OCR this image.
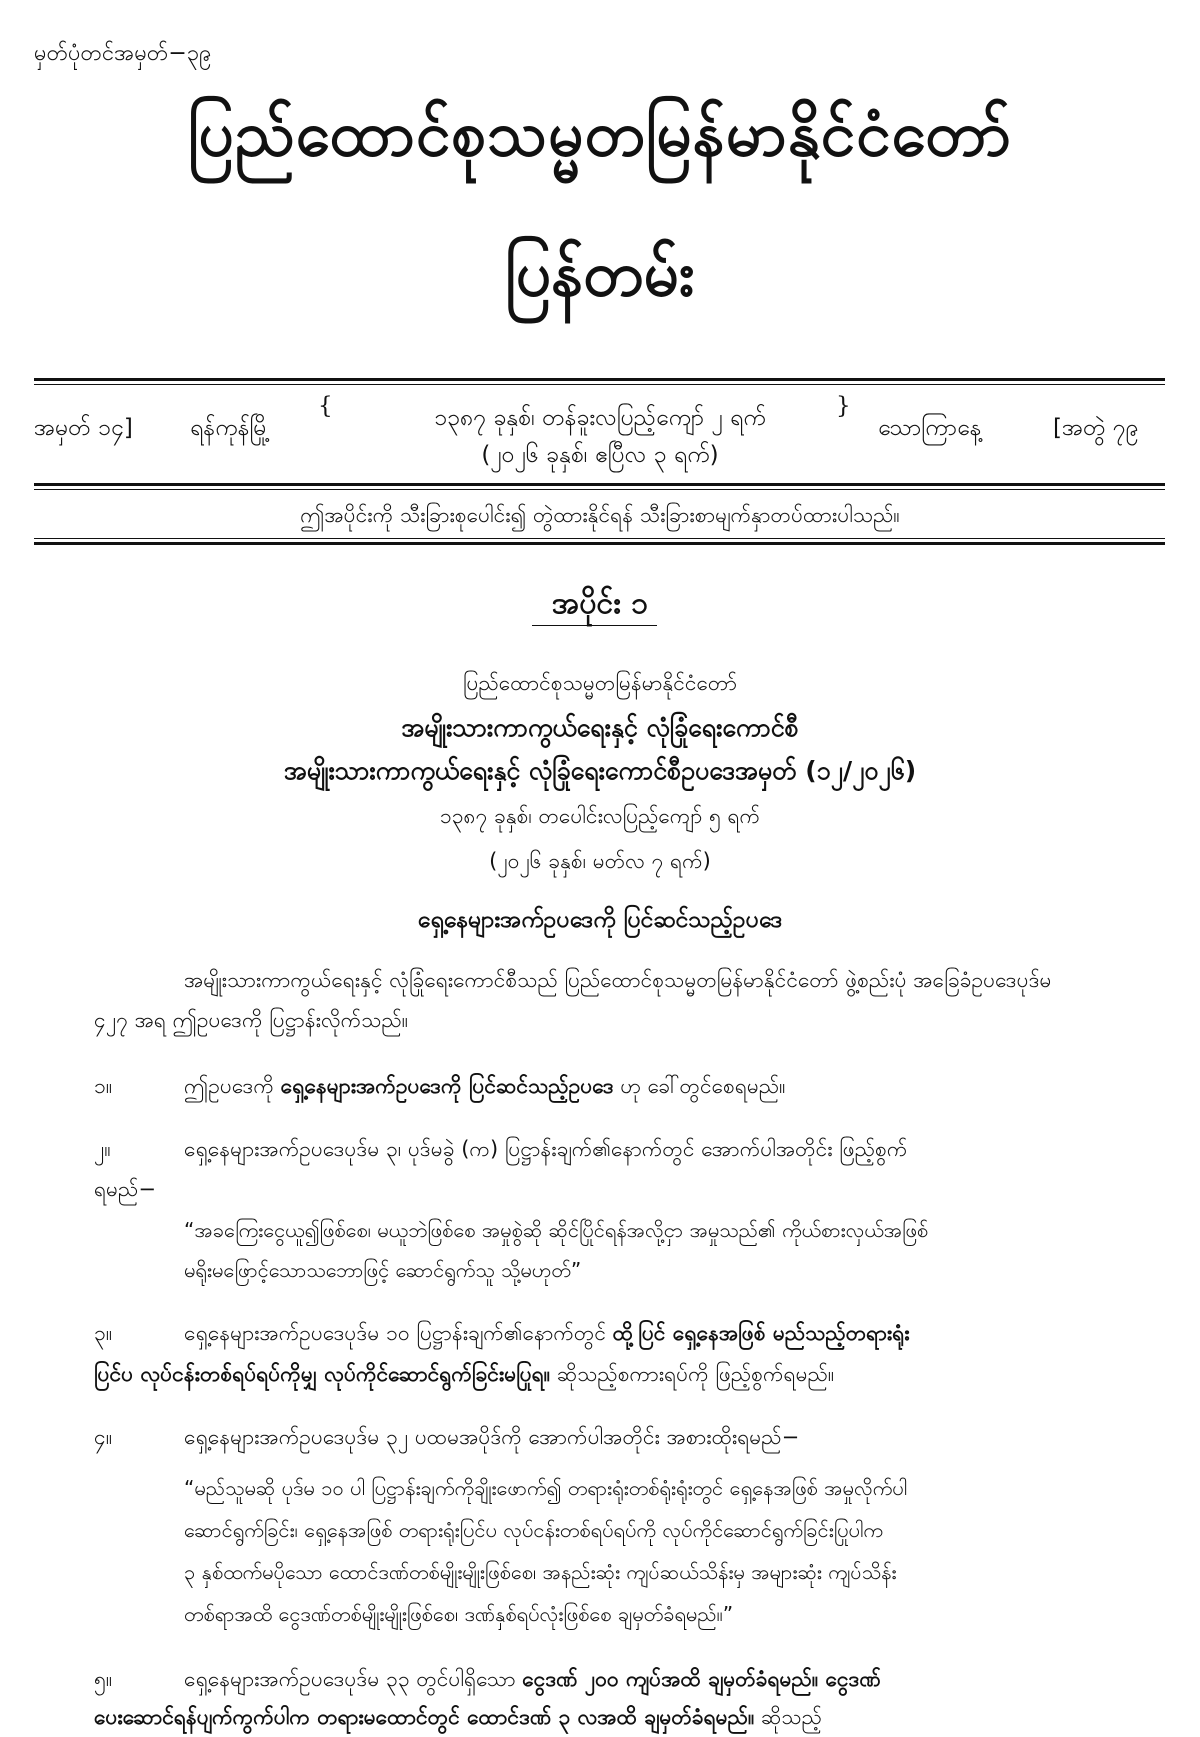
မှတ်ပုံတင်အမှတ်−၃၉
ပြည်ထောင်စုသမ္မတမြန်မာနိုင်ငံတော်
ပြန်တမ်း
အမှတ် ၁၄] ရန်ကုန်မြို့
{	၁၃၈၇ ခုနှစ်၊ တန်ခူးလပြည့်ကျော် ၂ ရက်
(၂၀၂၆ ခုနှစ်၊ ဧပြီလ ၃ ရက်)
}
သောကြာနေ့	[အတွဲ ၇၉
ဤအပိုင်းကို သီးခြားစုပေါင်း၍ တွဲထားနိုင်ရန် သီးခြားစာမျက်နှာတပ်ထားပါသည်။
အပိုင်း ၁
ပြည်ထောင်စုသမ္မတမြန်မာနိုင်ငံတော်
အမျိုးသားကာကွယ်ရေးနှင့် လုံခြုံရေးကောင်စီ
အမျိုးသားကာကွယ်ရေးနှင့် လုံခြုံရေးကောင်စီဥပဒေအမှတ် (၁၂/၂၀၂၆)
၁၃၈၇ ခုနှစ်၊ တပေါင်းလပြည့်ကျော် ၅ ရက်
(၂၀၂၆ ခုနှစ်၊ မတ်လ ၇ ရက်)
ရှေ့နေများအက်ဥပဒေကို ပြင်ဆင်သည့်ဥပဒေ
အမျိုးသားကာကွယ်ရေးနှင့် လုံခြုံရေးကောင်စီသည် ပြည်ထောင်စုသမ္မတမြန်မာနိုင်ငံတော် ဖွဲ့စည်းပုံ အခြေခံဥပဒေပုဒ်မ ၄၂၇ အရ ဤဥပဒေကို ပြဋ္ဌာန်းလိုက်သည်။
၁။	ဤဥပဒေကို ရှေ့နေများအက်ဥပဒေကို ပြင်ဆင်သည့်ဥပဒေ ဟု ခေါ်တွင်စေရမည်။
၂။	ရှေ့နေများအက်ဥပဒေပုဒ်မ ၃၊ ပုဒ်မခွဲ (က) ပြဋ္ဌာန်းချက်၏နောက်တွင် အောက်ပါအတိုင်း ဖြည့်စွက်
ရမည်−
“အခကြေးငွေယူ၍ဖြစ်စေ၊ မယူဘဲဖြစ်စေ အမှုစွဲဆို ဆိုင်ပြိုင်ရန်အလို့ငှာ အမှုသည်၏ ကိုယ်စားလှယ်အဖြစ်
မရိုးမဖြောင့်သောသဘောဖြင့် ဆောင်ရွက်သူ သို့မဟုတ်”
၃။	ရှေ့နေများအက်ဥပဒေပုဒ်မ ၁၀ ပြဋ္ဌာန်းချက်၏နောက်တွင် ထို့ပြင် ရှေ့နေအဖြစ် မည်သည့်တရားရုံး
ပြင်ပ လုပ်ငန်းတစ်ရပ်ရပ်ကိုမျှ လုပ်ကိုင်ဆောင်ရွက်ခြင်းမပြုရ။ ဆိုသည့်စကားရပ်ကို ဖြည့်စွက်ရမည်။
၄။	ရှေ့နေများအက်ဥပဒေပုဒ်မ ၃၂ ပထမအပိုဒ်ကို အောက်ပါအတိုင်း အစားထိုးရမည်−
“မည်သူမဆို ပုဒ်မ ၁၀ ပါ ပြဋ္ဌာန်းချက်ကိုချိုးဖောက်၍ တရားရုံးတစ်ရုံးရုံးတွင် ရှေ့နေအဖြစ် အမှုလိုက်ပါ
ဆောင်ရွက်ခြင်း၊ ရှေ့နေအဖြစ် တရားရုံးပြင်ပ လုပ်ငန်းတစ်ရပ်ရပ်ကို လုပ်ကိုင်ဆောင်ရွက်ခြင်းပြုပါက
၃ နှစ်ထက်မပိုသော ထောင်ဒဏ်တစ်မျိုးမျိုးဖြစ်စေ၊ အနည်းဆုံး ကျပ်ဆယ်သိန်းမှ အများဆုံး ကျပ်သိန်း
တစ်ရာအထိ ငွေဒဏ်တစ်မျိုးမျိုးဖြစ်စေ၊ ဒဏ်နှစ်ရပ်လုံးဖြစ်စေ ချမှတ်ခံရမည်။”
၅။	ရှေ့နေများအက်ဥပဒေပုဒ်မ ၃၃ တွင်ပါရှိသော ငွေဒဏ် ၂၀၀ ကျပ်အထိ ချမှတ်ခံရမည်။ ငွေဒဏ်
ပေးဆောင်ရန်ပျက်ကွက်ပါက တရားမထောင်တွင် ထောင်ဒဏ် ၃ လအထိ ချမှတ်ခံရမည်။ ဆိုသည့်
